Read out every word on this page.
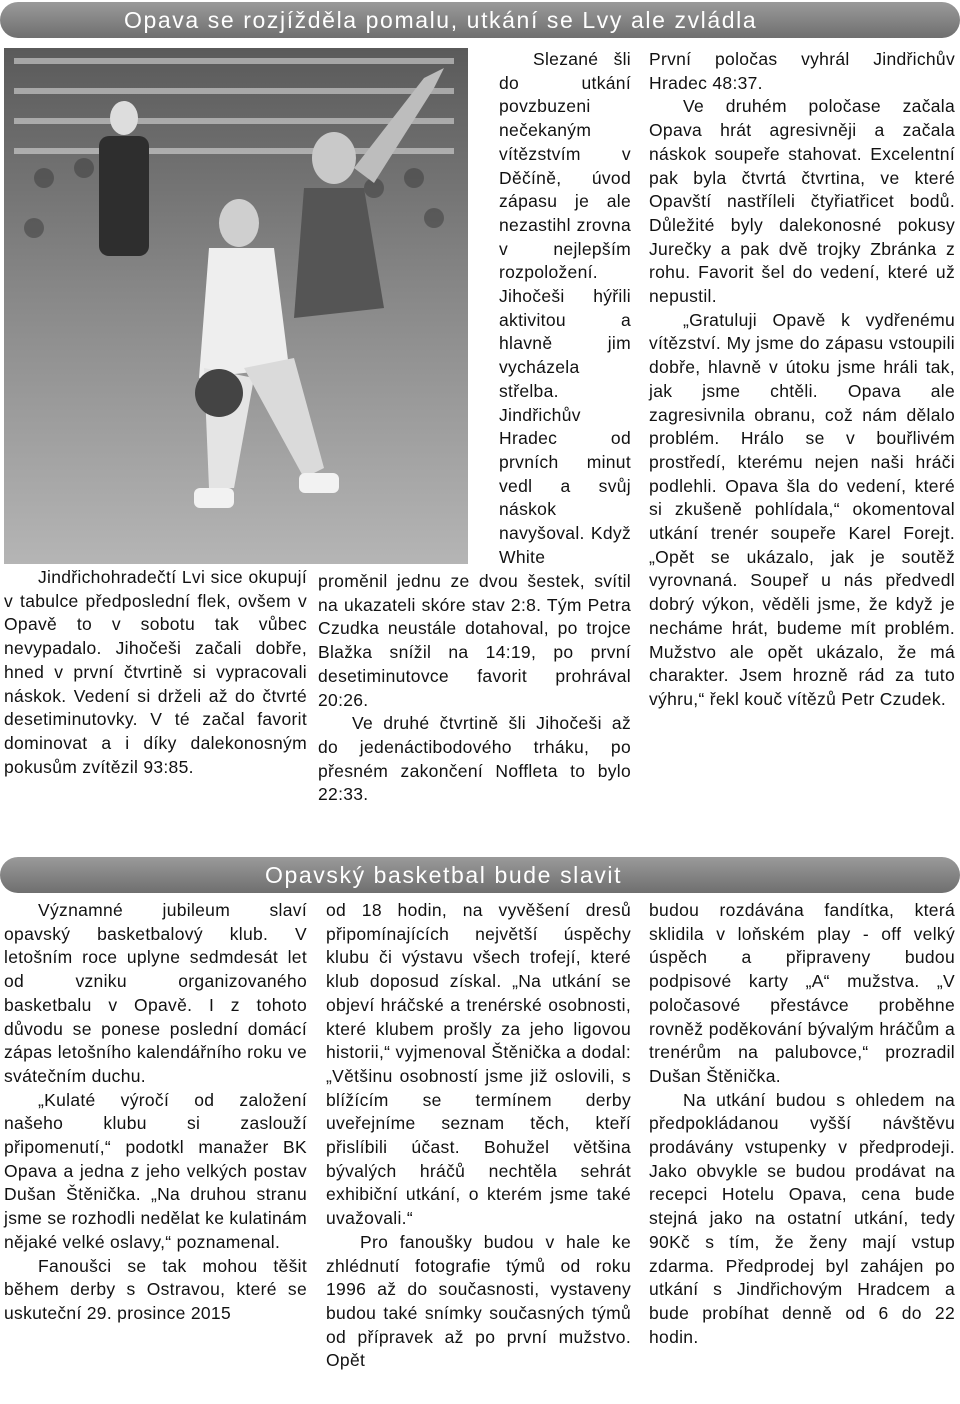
Opava se rozjížděla pomalu, utkání se Lvy ale zvládla

Jindřichohradečtí Lvi sice okupují v tabulce předposlední flek, ovšem v Opavě to v sobotu tak vůbec nevypadalo. Jihočeši začali dobře, hned v první čtvrtině si vypracovali náskok. Vedení si drželi až do čtvrté desetiminutovky. V té začal favorit dominovat a i díky dalekonosným pokusům zvítězil 93:85.

Slezané šli do utkání povzbuzeni nečekaným vítězstvím v Děčíně, úvod zápasu je ale nezastihl zrovna v nejlepším rozpoložení. Jihočeši hýřili aktivitou a hlavně jim vycházela střelba. Jindřichův Hradec od prvních minut vedl a svůj náskok navyšoval. Když White

proměnil jednu ze dvou šestek, svítil na ukazateli skóre stav 2:8. Tým Petra Czudka neustále dotahoval, po trojce Blažka snížil na 14:19, po první desetiminutovce favorit prohrával 20:26.

Ve druhé čtvrtině šli Jihočeši až do jedenáctibodového trháku, po přesném zakončení Noffleta to bylo 22:33.

První poločas vyhrál Jindřichův Hradec 48:37.

Ve druhém poločase začala Opava hrát agresivněji a začala náskok soupeře stahovat. Excelentní pak byla čtvrtá čtvrtina, ve které Opavští nastříleli čtyřiatřicet bodů. Důležité byly dalekonosné pokusy Jurečky a pak dvě trojky Zbránka z rohu. Favorit šel do vedení, které už nepustil.

„Gratuluji Opavě k vydřenému vítězství. My jsme do zápasu vstoupili dobře, hlavně v útoku jsme hráli tak, jak jsme chtěli. Opava ale zagresivnila obranu, což nám dělalo problém. Hrálo se v bouřlivém prostředí, kterému nejen naši hráči podlehli. Opava šla do vedení, které si zkušeně pohlídala,“ okomentoval utkání trenér soupeře Karel Forejt. „Opět se ukázalo, jak je soutěž vyrovnaná. Soupeř u nás předvedl dobrý výkon, věděli jsme, že když je necháme hrát, budeme mít problém. Mužstvo ale opět ukázalo, že má charakter. Jsem hrozně rád za tuto výhru,“ řekl kouč vítězů Petr Czudek.

Opavský basketbal bude slavit

Významné jubileum slaví opavský basketbalový klub. V letošním roce uplyne sedmdesát let od vzniku organizovaného basketbalu v Opavě. I z tohoto důvodu se ponese poslední domácí zápas letošního kalendářního roku ve svátečním duchu.

„Kulaté výročí od založení našeho klubu si zaslouží připomenutí,“ podotkl manažer BK Opava a jedna z jeho velkých postav Dušan Štěnička. „Na druhou stranu jsme se rozhodli nedělat ke kulatinám nějaké velké oslavy,“ poznamenal.

Fanoušci se tak mohou těšit během derby s Ostravou, které se uskuteční 29. prosince 2015

od 18 hodin, na vyvěšení dresů připomínajících největší úspěchy klubu či výstavu všech trofejí, které klub doposud získal. „Na utkání se objeví hráčské a trenérské osobnosti, které klubem prošly za jeho ligovou historii,“ vyjmenoval Štěnička a dodal: „Většinu osobností jsme již oslovili, s blížícím se termínem derby uveřejníme seznam těch, kteří přislíbili účast. Bohužel většina bývalých hráčů nechtěla sehrát exhibiční utkání, o kterém jsme také uvažovali.“

Pro fanoušky budou v hale ke zhlédnutí fotografie týmů od roku 1996 až do současnosti, vystaveny budou také snímky současných týmů od přípravek až po první mužstvo. Opět

budou rozdávána fandítka, která sklidila v loňském play - off velký úspěch a připraveny budou podpisové karty „A“ mužstva. „V poločasové přestávce proběhne rovněž poděkování bývalým hráčům a trenérům na palubovce,“ prozradil Dušan Štěnička.

Na utkání budou s ohledem na předpokládanou vyšší návštěvu prodávány vstupenky v předprodeji. Jako obvykle se budou prodávat na recepci Hotelu Opava, cena bude stejná jako na ostatní utkání, tedy 90Kč s tím, že ženy mají vstup zdarma. Předprodej byl zahájen po utkání s Jindřichovým Hradcem a bude probíhat denně od 6 do 22 hodin.
